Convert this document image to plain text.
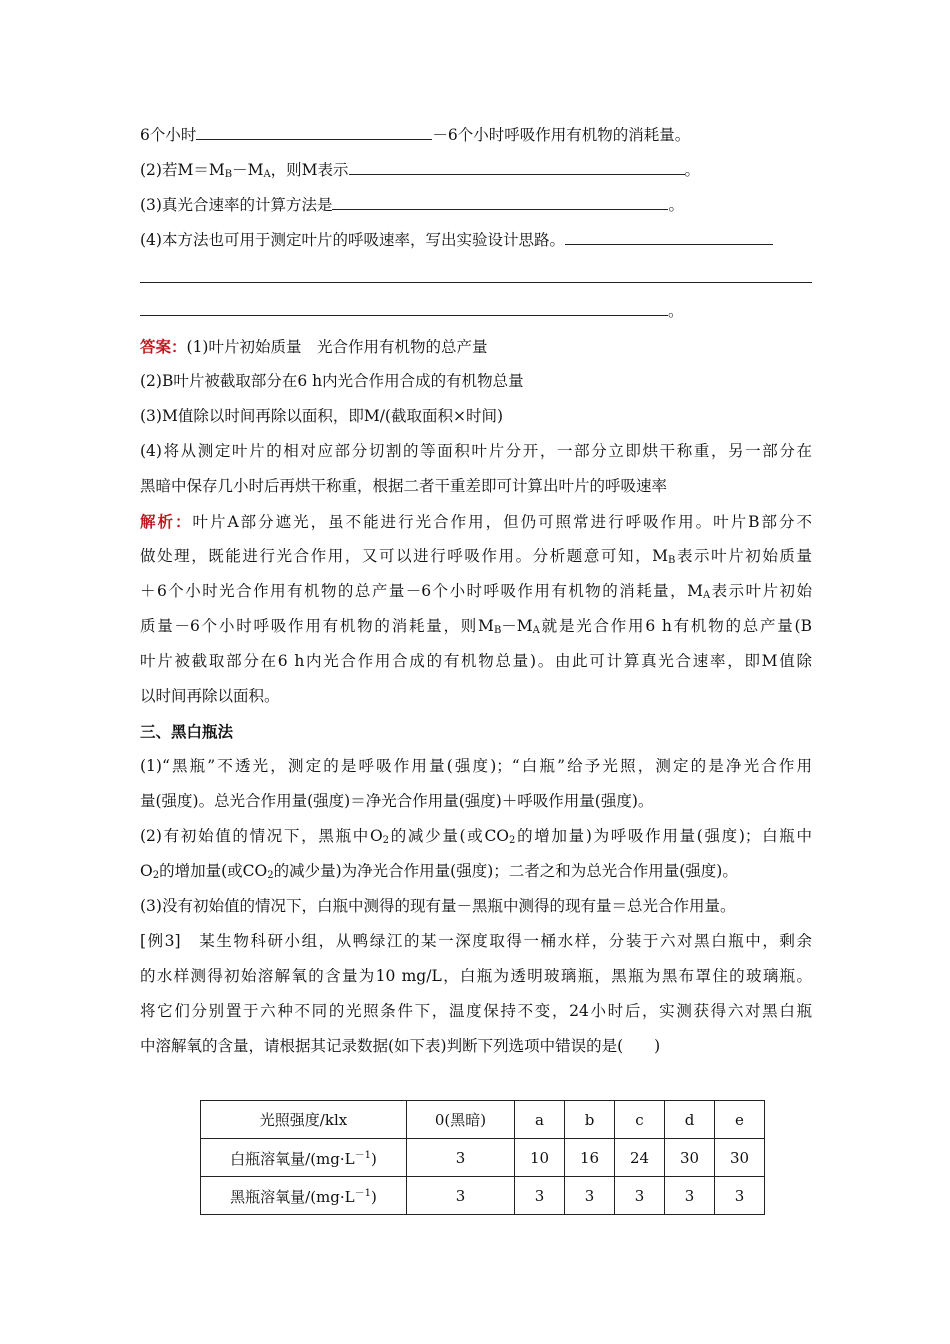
6个小时	－6个小时呼吸作用有机物的消耗量。
(2)若$M=M_B-M_A$，则M表示	。
(3)真光合速率的计算方法是	。
(4)本方法也可用于测定叶片的呼吸速率，写出实验设计思路。
。
答案：(1)叶片初始质量　光合作用有机物的总产量
(2)B叶片被截取部分在6 h内光合作用合成的有机物总量
(3)M值除以时间再除以面积，即M/(截取面积×时间)
(4)将从测定叶片的相对应部分切割的等面积叶片分开，一部分立即烘干称重，另一部分在
黑暗中保存几小时后再烘干称重，根据二者干重差即可计算出叶片的呼吸速率
解析：叶片A部分遮光，虽不能进行光合作用，但仍可照常进行呼吸作用。叶片B部分不
做处理，既能进行光合作用，又可以进行呼吸作用。分析题意可知，$M_B$表示叶片初始质量
＋6个小时光合作用有机物的总产量－6个小时呼吸作用有机物的消耗量，$M_A$表示叶片初始
质量－6个小时呼吸作用有机物的消耗量，则$M_B-M_A$就是光合作用6 h有机物的总产量(B
叶片被截取部分在6 h内光合作用合成的有机物总量)。由此可计算真光合速率，即M值除
以时间再除以面积。
三、黑白瓶法
(1)“黑瓶”不透光，测定的是呼吸作用量(强度)；“白瓶”给予光照，测定的是净光合作用
量(强度)。总光合作用量(强度)＝净光合作用量(强度)＋呼吸作用量(强度)。
(2)有初始值的情况下，黑瓶中$O_2$的减少量(或$CO_2$的增加量)为呼吸作用量(强度)；白瓶中
$O_2$的增加量(或$CO_2$的减少量)为净光合作用量(强度)；二者之和为总光合作用量(强度)。
(3)没有初始值的情况下，白瓶中测得的现有量－黑瓶中测得的现有量＝总光合作用量。
[例3]　某生物科研小组，从鸭绿江的某一深度取得一桶水样，分装于六对黑白瓶中，剩余
的水样测得初始溶解氧的含量为10 mg/L，白瓶为透明玻璃瓶，黑瓶为黑布罩住的玻璃瓶。
将它们分别置于六种不同的光照条件下，温度保持不变，24小时后，实测获得六对黑白瓶
中溶解氧的含量，请根据其记录数据(如下表)判断下列选项中错误的是(　　)
光照强度/klx	0(黑暗)	a	b	c	d	e
白瓶溶氧量$/(mg\cdot L^{-1})$	3	10	16	24	30	30
黑瓶溶氧量$/(mg\cdot L^{-1})$	3	3	3	3	3	3
